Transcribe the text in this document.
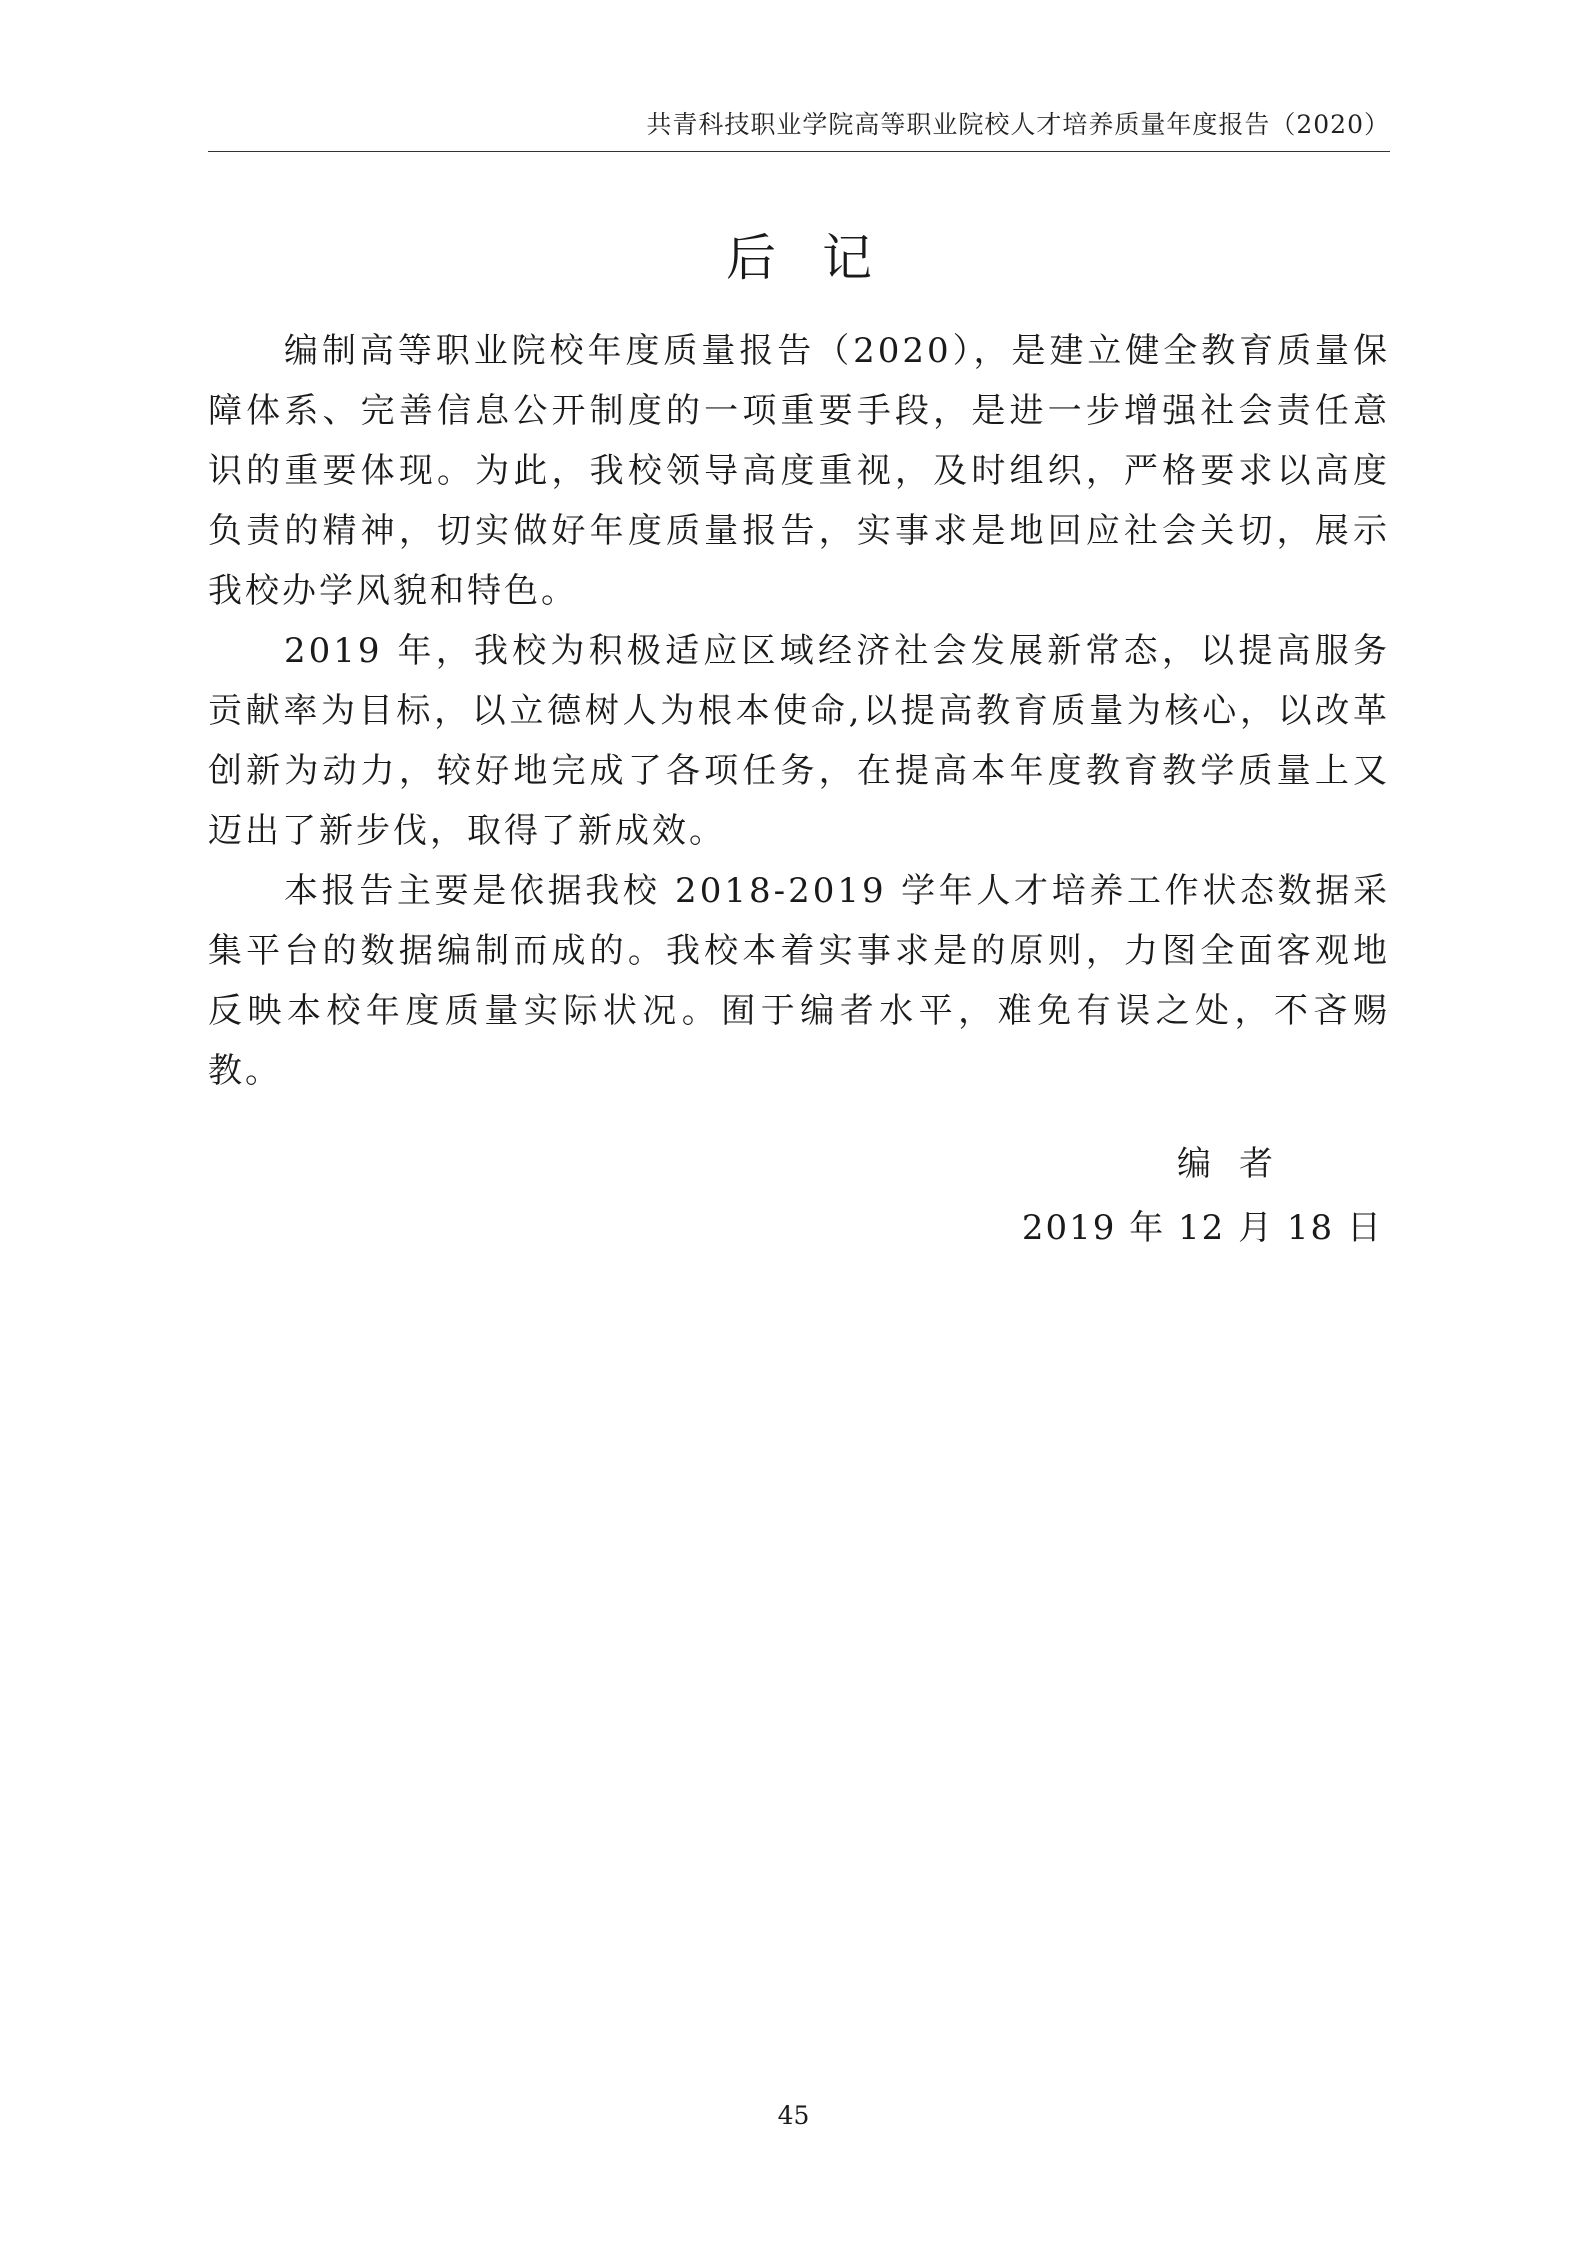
共青科技职业学院高等职业院校人才培养质量年度报告（2020）
后记

编制高等职业院校年度质量报告（2020），是建立健全教育质量保障体系、完善信息公开制度的一项重要手段，是进一步增强社会责任意识的重要体现。为此，我校领导高度重视，及时组织，严格要求以高度负责的精神，切实做好年度质量报告，实事求是地回应社会关切，展示我校办学风貌和特色。

2019 年，我校为积极适应区域经济社会发展新常态，以提高服务贡献率为目标，以立德树人为根本使命,以提高教育质量为核心，以改革创新为动力，较好地完成了各项任务，在提高本年度教育教学质量上又迈出了新步伐，取得了新成效。

本报告主要是依据我校 2018-2019 学年人才培养工作状态数据采集平台的数据编制而成的。我校本着实事求是的原则，力图全面客观地反映本校年度质量实际状况。囿于编者水平，难免有误之处，不吝赐教。

编者
2019 年 12 月 18 日
45
